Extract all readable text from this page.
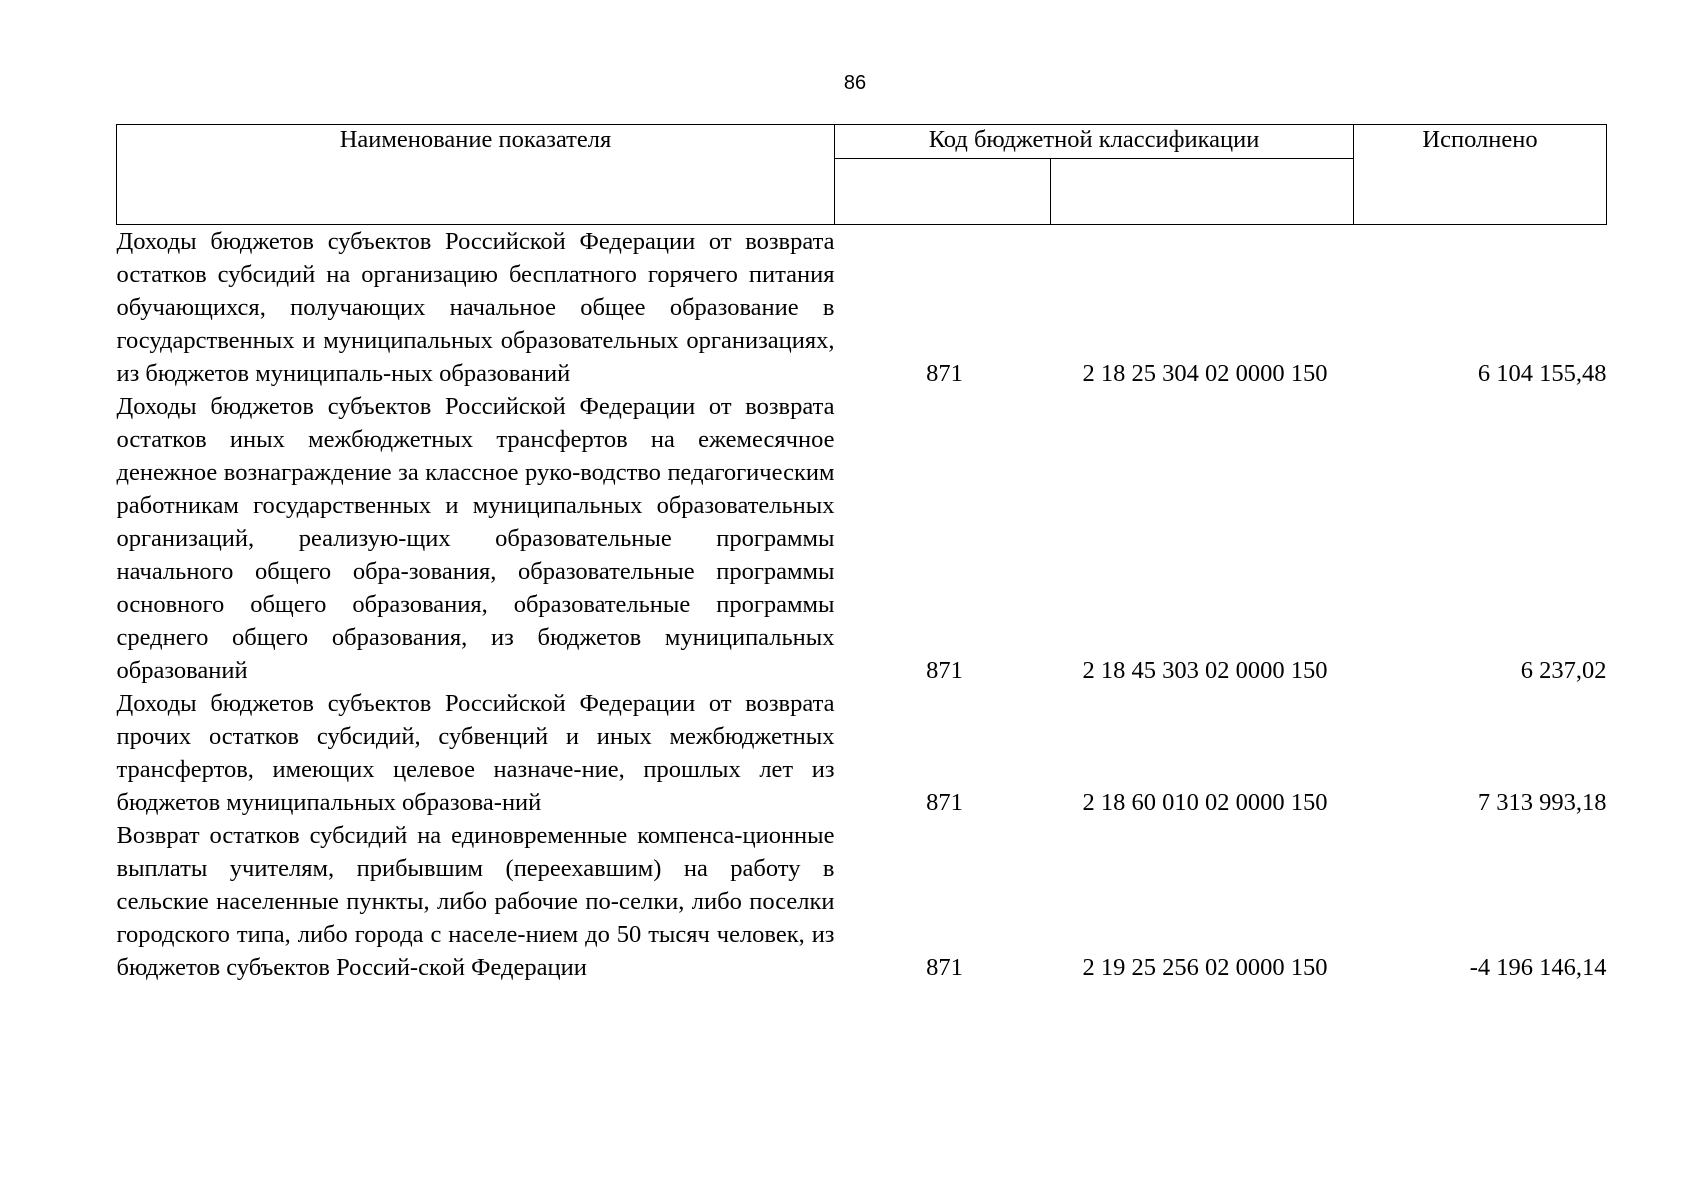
86
Наименование показателя	Код бюджетной классификации		Исполнено

Доходы бюджетов субъектов Российской Федерации от возврата остатков субсидий на организацию бесплатного горячего питания обучающихся, получающих начальное общее образование в государственных и муниципальных образовательных организациях, из бюджетов муниципаль-ных образований	871	2 18 25 304 02 0000 150	6 104 155,48
Доходы бюджетов субъектов Российской Федерации от возврата остатков иных межбюджетных трансфертов на ежемесячное денежное вознаграждение за классное руко-водство педагогическим работникам государственных и муниципальных образовательных организаций, реализую-щих образовательные программы начального общего обра-зования, образовательные программы основного общего образования, образовательные программы среднего общего образования, из бюджетов муниципальных образований	871	2 18 45 303 02 0000 150	6 237,02
Доходы бюджетов субъектов Российской Федерации от возврата прочих остатков субсидий, субвенций и иных межбюджетных трансфертов, имеющих целевое назначе-ние, прошлых лет из бюджетов муниципальных образова-ний	871	2 18 60 010 02 0000 150	7 313 993,18
Возврат остатков субсидий на единовременные компенса-ционные выплаты учителям, прибывшим (переехавшим) на работу в сельские населенные пункты, либо рабочие по-селки, либо поселки городского типа, либо города с населе-нием до 50 тысяч человек, из бюджетов субъектов Россий-ской Федерации	871	2 19 25 256 02 0000 150	-4 196 146,14
